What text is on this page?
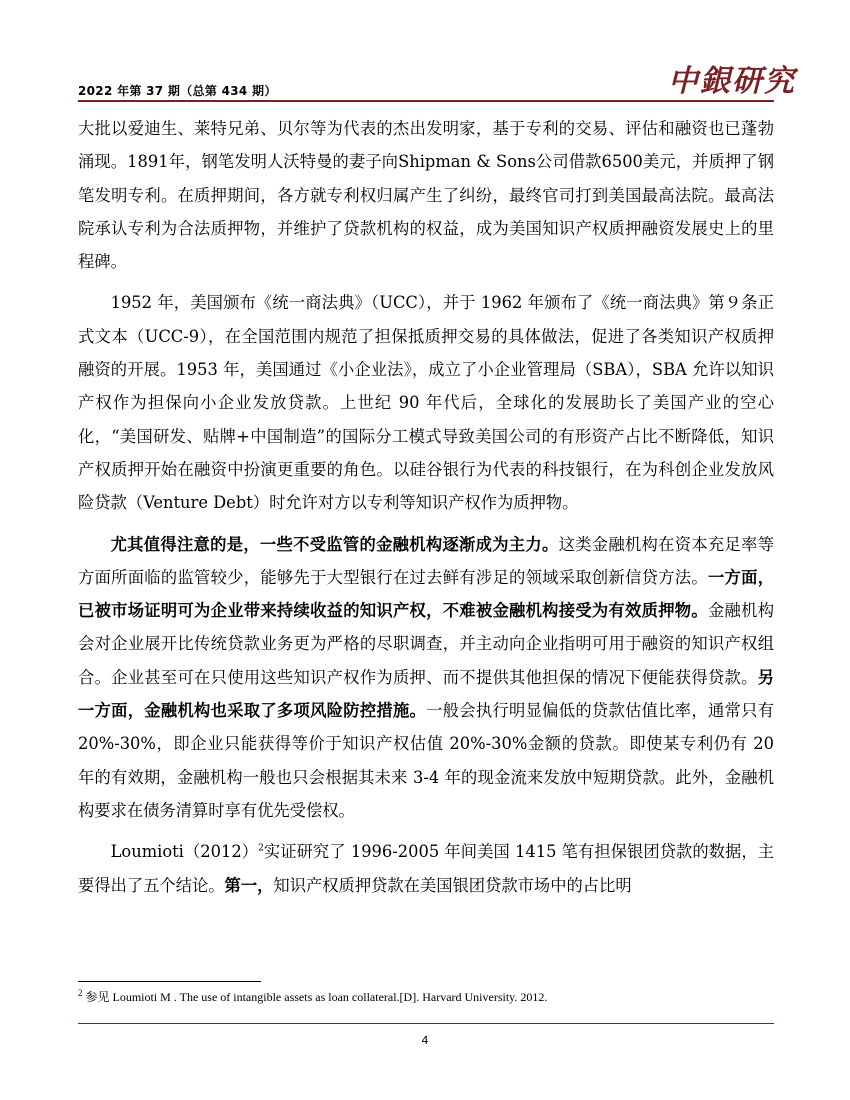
2022 年第 37 期（总第 434 期）	中銀研究

大批以爱迪生、莱特兄弟、贝尔等为代表的杰出发明家，基于专利的交易、评估和融资也已蓬勃涌现。1891年，钢笔发明人沃特曼的妻子向Shipman & Sons公司借款6500美元，并质押了钢笔发明专利。在质押期间，各方就专利权归属产生了纠纷，最终官司打到美国最高法院。最高法院承认专利为合法质押物，并维护了贷款机构的权益，成为美国知识产权质押融资发展史上的里程碑。

1952 年，美国颁布《统一商法典》（UCC），并于 1962 年颁布了《统一商法典》第９条正式文本（UCC-9），在全国范围内规范了担保抵质押交易的具体做法，促进了各类知识产权质押融资的开展。1953 年，美国通过《小企业法》，成立了小企业管理局（SBA），SBA 允许以知识产权作为担保向小企业发放贷款。上世纪 90 年代后，全球化的发展助长了美国产业的空心化，“美国研发、贴牌+中国制造”的国际分工模式导致美国公司的有形资产占比不断降低，知识产权质押开始在融资中扮演更重要的角色。以硅谷银行为代表的科技银行，在为科创企业发放风险贷款（Venture Debt）时允许对方以专利等知识产权作为质押物。

尤其值得注意的是，一些不受监管的金融机构逐渐成为主力。这类金融机构在资本充足率等方面所面临的监管较少，能够先于大型银行在过去鲜有涉足的领域采取创新信贷方法。一方面，已被市场证明可为企业带来持续收益的知识产权，不难被金融机构接受为有效质押物。金融机构会对企业展开比传统贷款业务更为严格的尽职调查，并主动向企业指明可用于融资的知识产权组合。企业甚至可在只使用这些知识产权作为质押、而不提供其他担保的情况下便能获得贷款。另一方面，金融机构也采取了多项风险防控措施。一般会执行明显偏低的贷款估值比率，通常只有 20%-30%，即企业只能获得等价于知识产权估值 20%-30%金额的贷款。即使某专利仍有 20 年的有效期，金融机构一般也只会根据其未来 3-4 年的现金流来发放中短期贷款。此外，金融机构要求在债务清算时享有优先受偿权。

$Loumioti(2012)^2$实证研究了 1996-2005 年间美国 1415 笔有担保银团贷款的数据，主要得出了五个结论。第一，知识产权质押贷款在美国银团贷款市场中的占比明

$^2$ 参见 Loumioti M . The use of intangible assets as loan collateral.[D]. Harvard University. 2012.
4
